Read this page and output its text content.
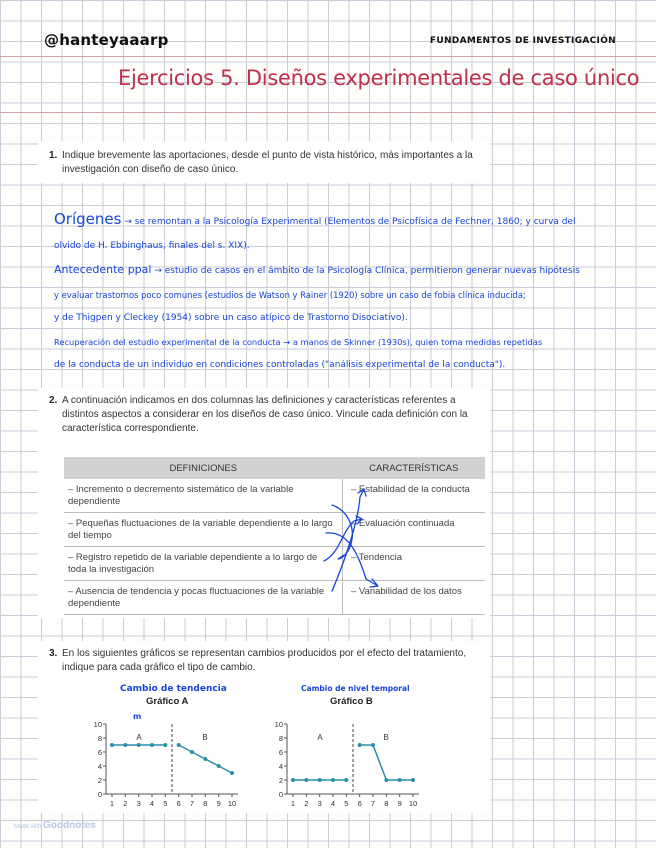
@hanteyaaarp	FUNDAMENTOS DE INVESTIGACIÓN
Ejercicios 5. Diseños experimentales de caso único
1. Indique brevemente las aportaciones, desde el punto de vista histórico, más importantes a la investigación con diseño de caso único.
Orígenes → se remontan a la Psicología Experimental (Elementos de Psicofísica de Fechner, 1860; y curva del
olvido de H. Ebbinghaus, finales del s. XIX).
Antecedente ppal → estudio de casos en el ámbito de la Psicología Clínica, permitieron generar nuevas hipótesis
y evaluar trastornos poco comunes (estudios de Watson y Rainer (1920) sobre un caso de fobia clínica inducida;
y de Thigpen y Cleckey (1954) sobre un caso atípico de Trastorno Disociativo).
Recuperación del estudio experimental de la conducta → a manos de Skinner (1930s), quien toma medidas repetidas
de la conducta de un individuo en condiciones controladas ("análisis experimental de la conducta").
2. A continuación indicamos en dos columnas las definiciones y características referentes a distintos aspectos a considerar en los diseños de caso único. Vincule cada definición con la característica correspondiente.
DEFINICIONES	CARACTERÍSTICAS
– Incremento o decremento sistemático de la variable dependiente	– Estabilidad de la conducta
– Pequeñas fluctuaciones de la variable dependiente a lo largo del tiempo	– Evaluación continuada
– Registro repetido de la variable dependiente a lo largo de toda la investigación	– Tendencia
– Ausencia de tendencia y pocas fluctuaciones de la variable dependiente	– Variabilidad de los datos
3. En los siguientes gráficos se representan cambios producidos por el efecto del tratamiento, indique para cada gráfico el tipo de cambio.
Cambio de tendencia
Gráfico A
m
Cambio de nivel temporal
Gráfico B
0
2
4
6
8
10
1 2 3 4 5 6 7 8 9 10
A	B
0
2
4
6
8
10
1 2 3 4 5 6 7 8 9 10
A	B
Made with Goodnotes
